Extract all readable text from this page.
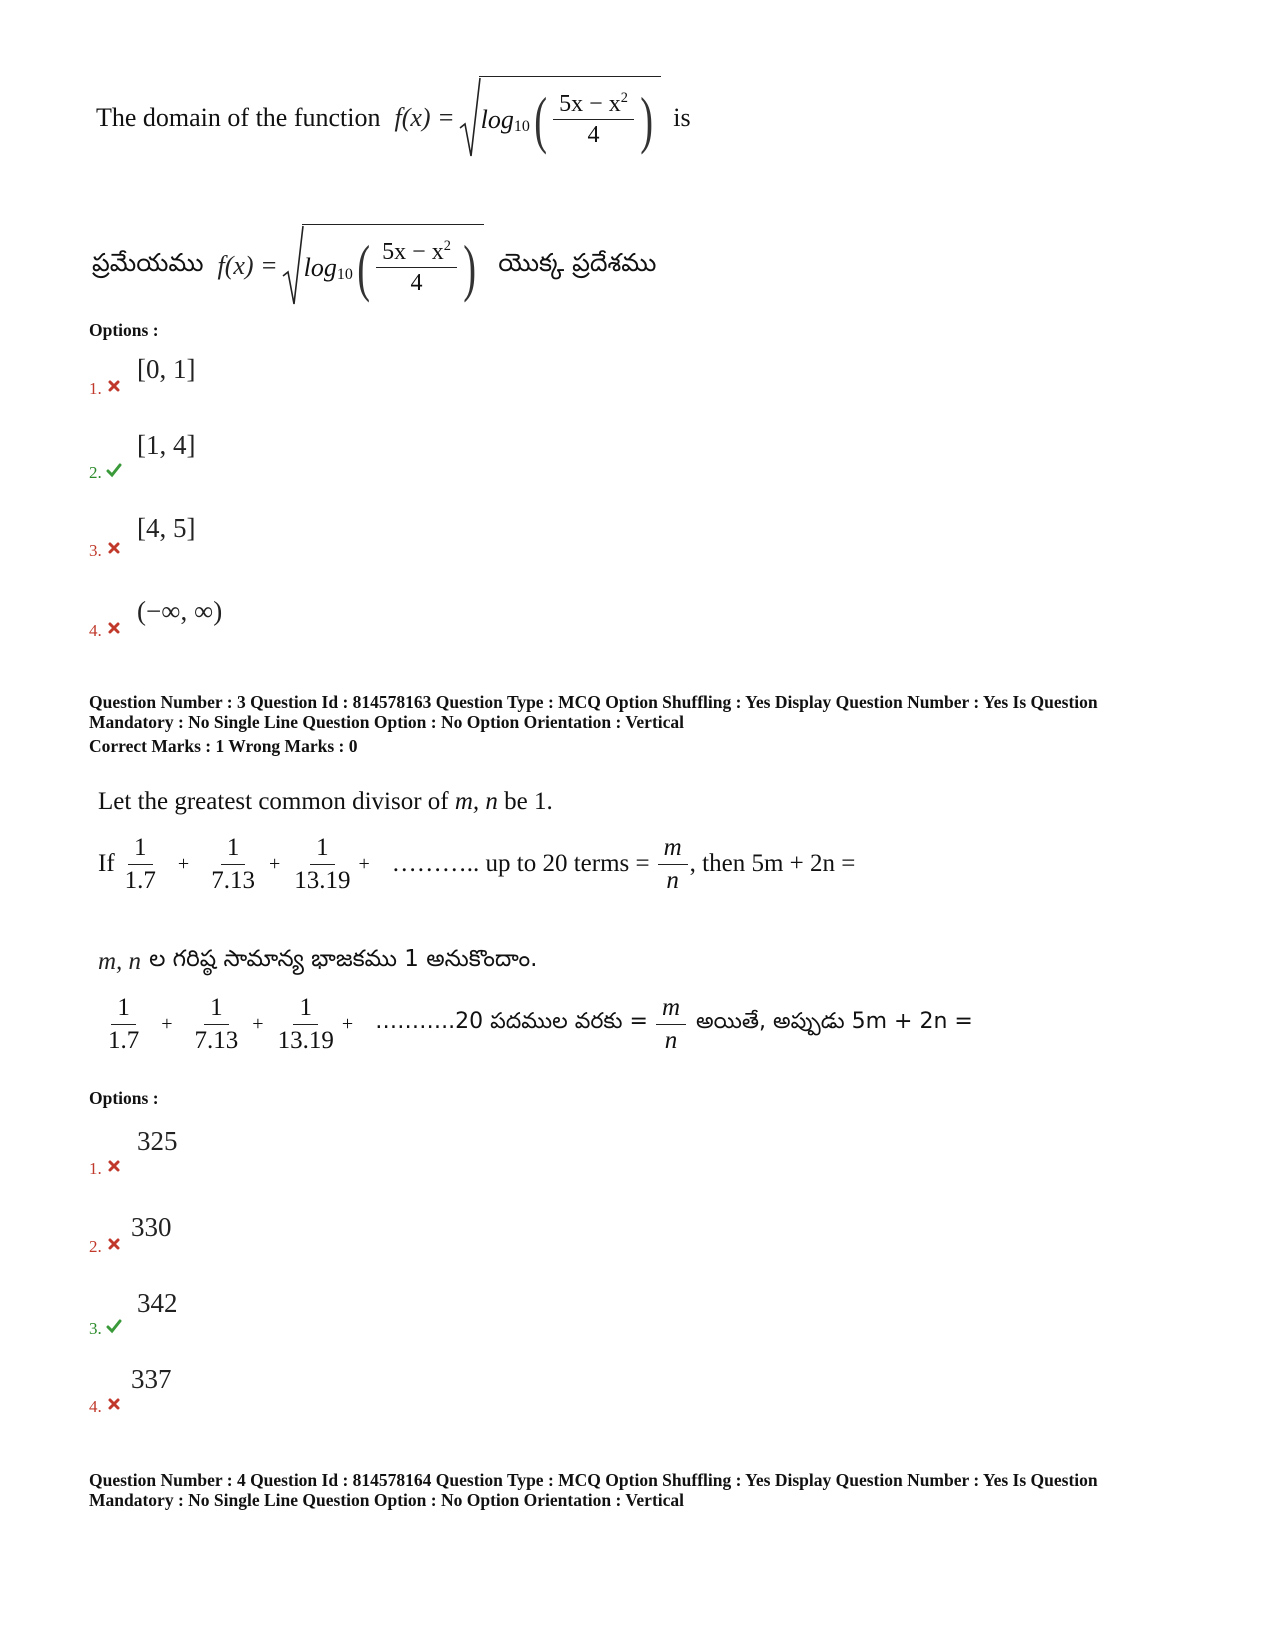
The domain of the function $f(x) = \log_{10}$ ( $\frac{5x - x^2}{4}$ ) is
ప్రమేయము f(x) = log 10 ( $\frac{5x - x^2}{4}$ ) యొక్క ప్రదేశము
Options :
[0, 1]
1.
[1, 4]
2.
[4, 5]
3.
(−∞, ∞)
4.
Question Number : 3 Question Id : 814578163 Question Type : MCQ Option Shuffling : Yes Display Question Number : Yes Is Question
Mandatory : No Single Line Question Option : No Option Orientation : Vertical
Correct Marks : 1 Wrong Marks : 0
Let the greatest common divisor of m, n be 1.
If $\frac{1}{1.7} + \frac{1}{7.13} + \frac{1}{13.19}$ + ……….. up to 20 terms = $\frac{m}{n}$ , then 5m + 2n =
m, n ల గరిష్ఠ సామాన్య భాజకము 1 అనుకొందాం.
$\frac{1}{1.7} + \frac{1}{7.13} + \frac{1}{13.19}$ + ………..20 పదముల వరకు = $\frac{m}{n}$ అయితే, అప్పుడు 5m + 2n =
Options :
325
1.
330
2.
342
3.
337
4.
Question Number : 4 Question Id : 814578164 Question Type : MCQ Option Shuffling : Yes Display Question Number : Yes Is Question
Mandatory : No Single Line Question Option : No Option Orientation : Vertical
